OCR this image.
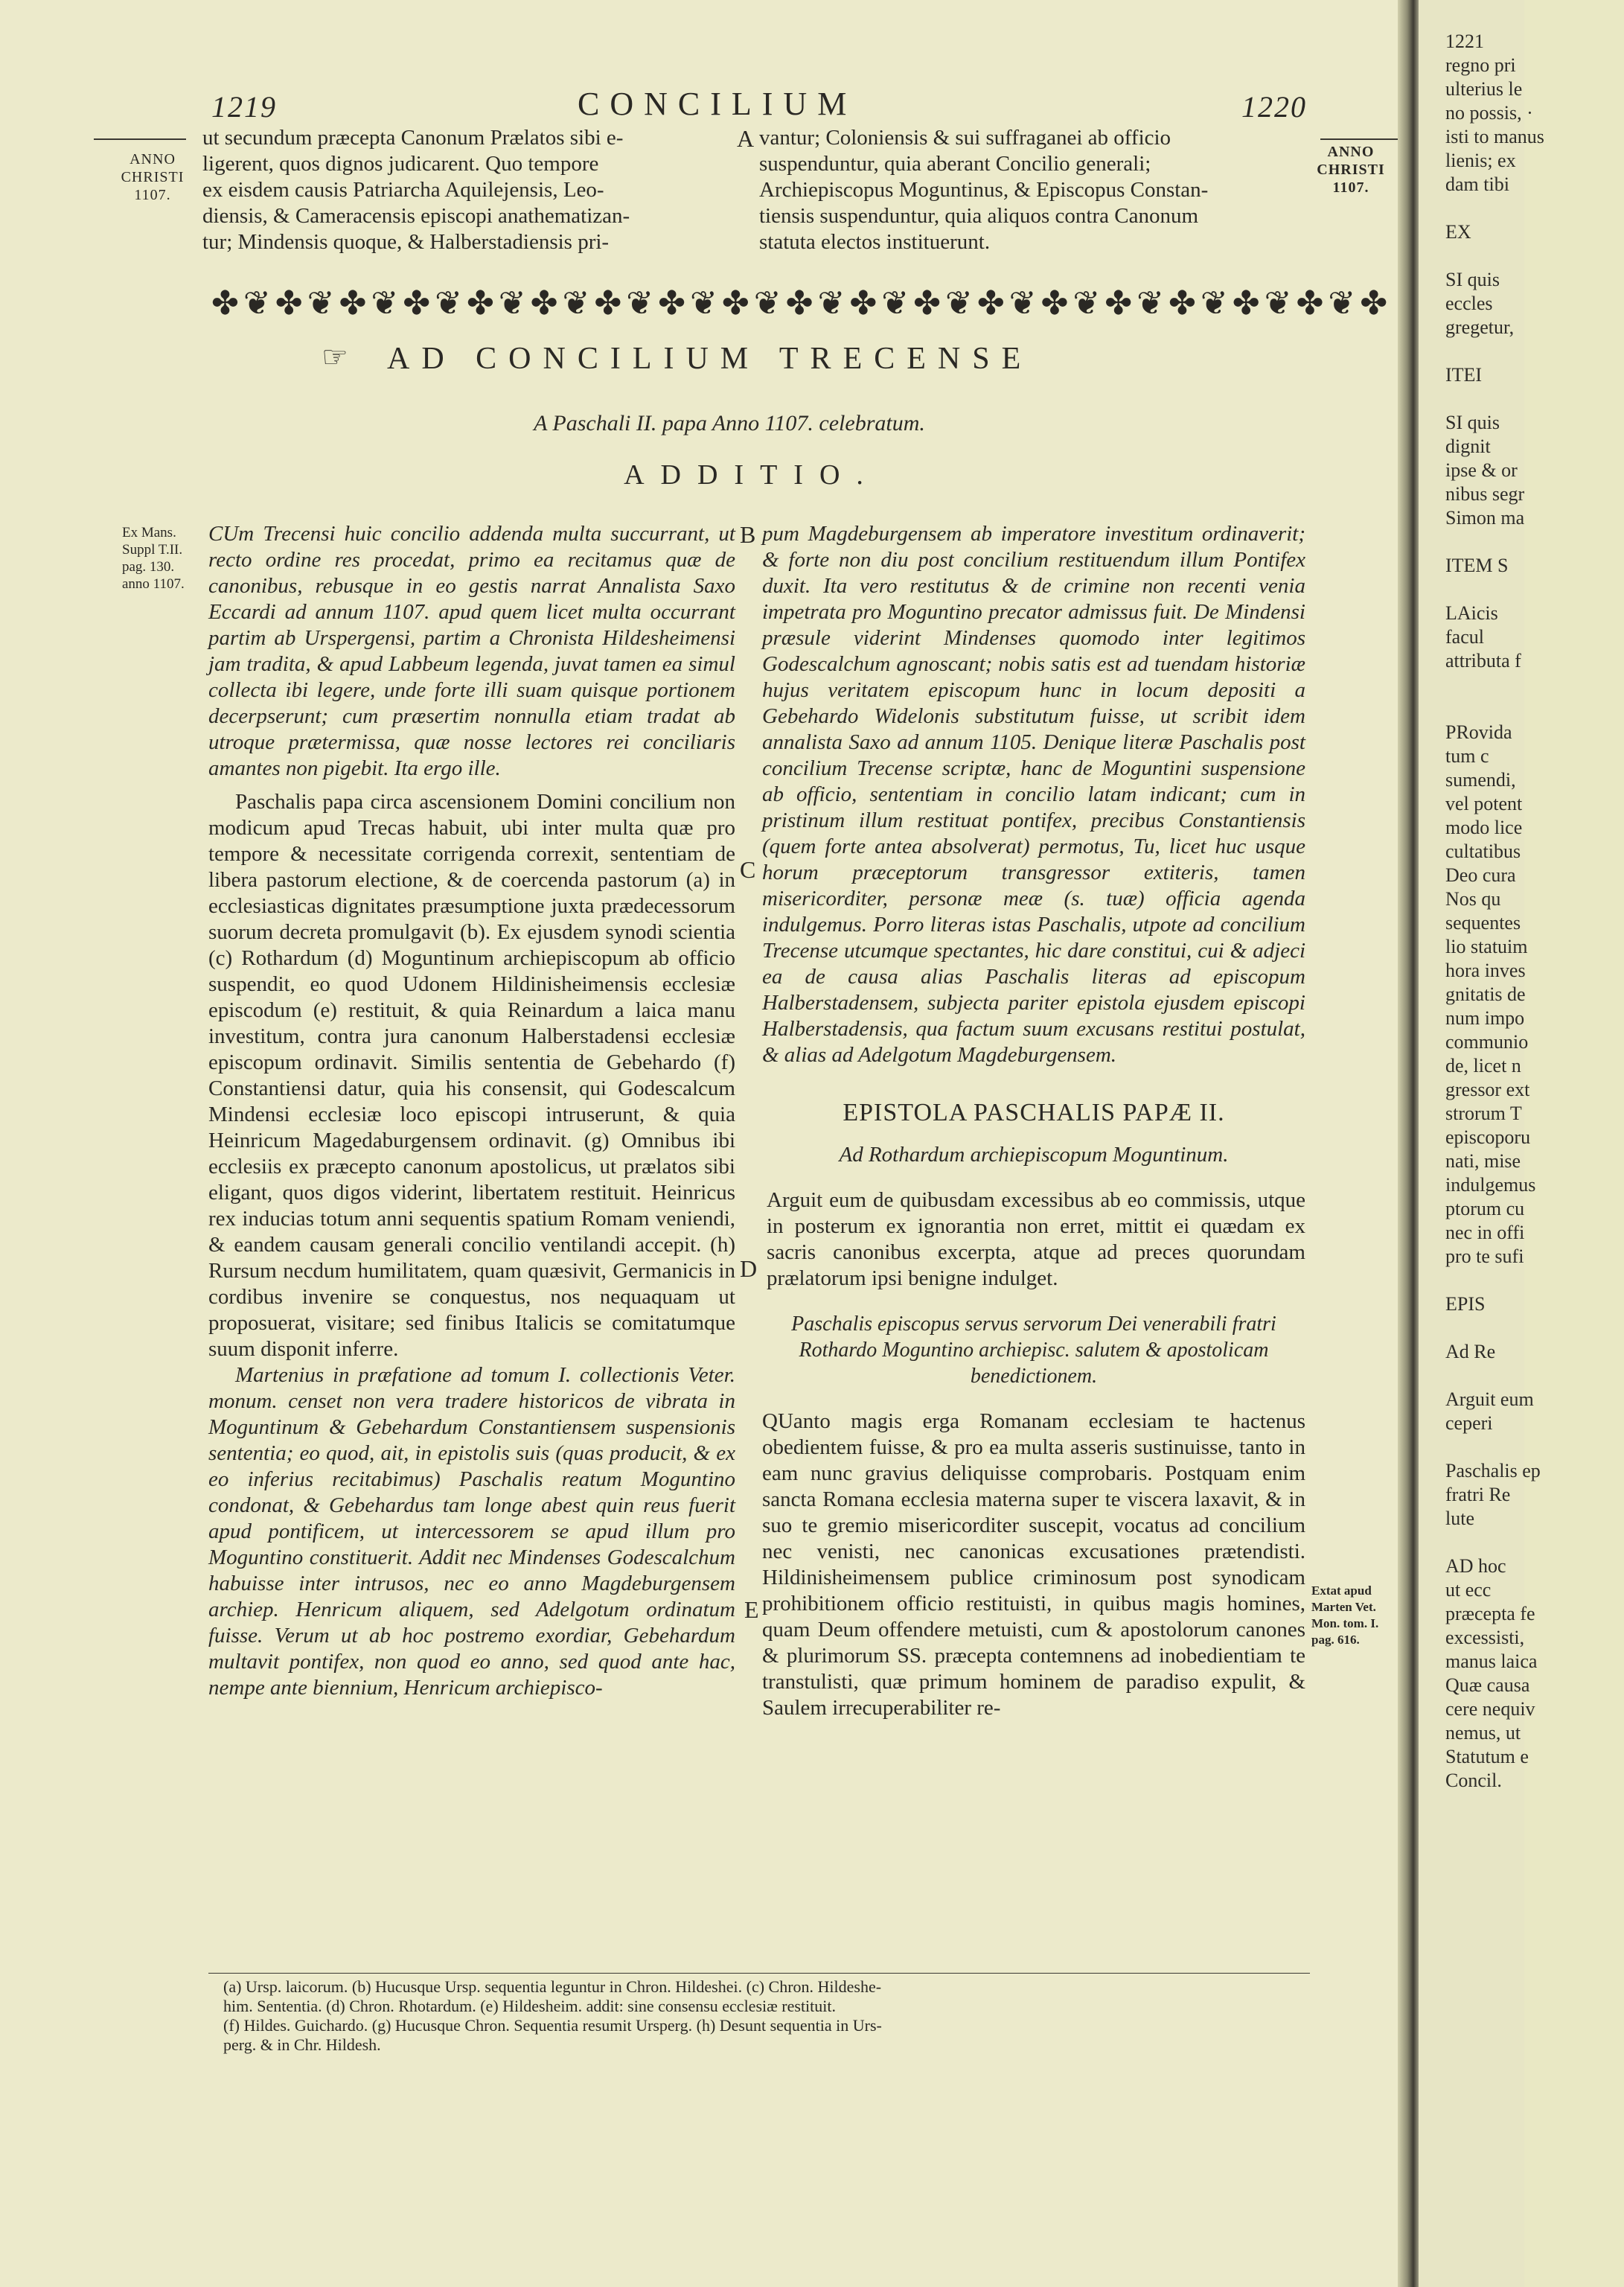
1219	CONCILIUM	1220
ANNO
CHRISTI
1107.
ANNO
CHRISTI
1107.
ut secundum præcepta Canonum Prælatos sibi e-
ligerent, quos dignos judicarent. Quo tempore
ex eisdem causis Patriarcha Aquilejensis, Leo-
diensis, & Cameracensis episcopi anathematizan-
tur; Mindensis quoque, & Halberstadiensis pri-
A vantur; Coloniensis & sui suffraganei ab officio
suspenduntur, quia aberant Concilio generali;
Archiepiscopus Moguntinus, & Episcopus Constan-
tiensis suspenduntur, quia aliquos contra Canonum
statuta electos instituerunt.
✤❦✤❦✤❦✤❦✤❦✤❦✤❦✤❦✤❦✤❦✤❦✤❦✤❦✤❦✤❦✤❦✤❦✤❦✤
☞ AD CONCILIUM TRECENSE
A Paschali II. papa Anno 1107. celebratum.
ADDITIO.
Ex Mans.
Suppl T.II.
pag. 130.
anno 1107.

CUm Trecensi huic concilio addenda multa succurrant, ut recto ordine res procedat, primo ea recitamus quæ de canonibus, rebusque in eo gestis narrat Annalista Saxo Eccardi ad annum 1107. apud quem licet multa occurrant partim ab Urspergensi, partim a Chronista Hildesheimensi jam tradita, & apud Labbeum legenda, juvat tamen ea simul collecta ibi legere, unde forte illi suam quisque portionem decerpserunt; cum præsertim nonnulla etiam tradat ab utroque prætermissa, quæ nosse lectores rei conciliaris amantes non pigebit. Ita ergo ille.

Paschalis papa circa ascensionem Domini concilium non modicum apud Trecas habuit, ubi inter multa quæ pro tempore & necessitate corrigenda correxit, sententiam de libera pastorum electione, & de coercenda pastorum (a) in ecclesiasticas dignitates præsumptione juxta prædecessorum suorum decreta promulgavit (b). Ex ejusdem synodi scientia (c) Rothardum (d) Moguntinum archiepiscopum ab officio suspendit, eo quod Udonem Hildinisheimensis ecclesiæ episcodum (e) restituit, & quia Reinardum a laica manu investitum, contra jura canonum Halberstadensi ecclesiæ episcopum ordinavit. Similis sententia de Gebehardo (f) Constantiensi datur, quia his consensit, qui Godescalcum Mindensi ecclesiæ loco episcopi intruserunt, & quia Heinricum Magedaburgensem ordinavit. (g) Omnibus ibi ecclesiis ex præcepto canonum apostolicus, ut prælatos sibi eligant, quos digos viderint, libertatem restituit. Heinricus rex inducias totum anni sequentis spatium Romam veniendi, & eandem causam generali concilio ventilandi accepit. (h) Rursum necdum humilitatem, quam quæsivit, Germanicis in cordibus invenire se conquestus, nos nequaquam ut proposuerat, visitare; sed finibus Italicis se comitatumque suum disponit inferre.

Martenius in præfatione ad tomum I. collectionis Veter. monum. censet non vera tradere historicos de vibrata in Moguntinum & Gebehardum Constantiensem suspensionis sententia; eo quod, ait, in epistolis suis (quas producit, & ex eo inferius recitabimus) Paschalis reatum Moguntino condonat, & Gebehardus tam longe abest quin reus fuerit apud pontificem, ut intercessorem se apud illum pro Moguntino constituerit. Addit nec Mindenses Godescalchum habuisse inter intrusos, nec eo anno Magdeburgensem archiep. Henricum aliquem, sed Adelgotum ordinatum fuisse. Verum ut ab hoc postremo exordiar, Gebehardum multavit pontifex, non quod eo anno, sed quod ante hac, nempe ante biennium, Henricum archiepisco-

B
C
D
E

pum Magdeburgensem ab imperatore investitum ordinaverit; & forte non diu post concilium restituendum illum Pontifex duxit. Ita vero restitutus & de crimine non recenti venia impetrata pro Moguntino precator admissus fuit. De Mindensi præsule viderint Mindenses quomodo inter legitimos Godescalchum agnoscant; nobis satis est ad tuendam historiæ hujus veritatem episcopum hunc in locum depositi a Gebehardo Widelonis substitutum fuisse, ut scribit idem annalista Saxo ad annum 1105. Denique literæ Paschalis post concilium Trecense scriptæ, hanc de Moguntini suspensione ab officio, sententiam in concilio latam indicant; cum in pristinum illum restituat pontifex, precibus Constantiensis (quem forte antea absolverat) permotus, Tu, licet huc usque horum præceptorum transgressor extiteris, tamen misericorditer, personæ meæ (s. tuæ) officia agenda indulgemus. Porro literas istas Paschalis, utpote ad concilium Trecense utcumque spectantes, hic dare constitui, cui & adjeci ea de causa alias Paschalis literas ad episcopum Halberstadensem, subjecta pariter epistola ejusdem episcopi Halberstadensis, qua factum suum excusans restitui postulat, & alias ad Adelgotum Magdeburgensem.

EPISTOLA PASCHALIS PAPÆ II.
Ad Rothardum archiepiscopum Moguntinum.

Arguit eum de quibusdam excessibus ab eo commissis, utque in posterum ex ignorantia non erret, mittit ei quædam ex sacris canonibus excerpta, atque ad preces quorundam prælatorum ipsi benigne indulget.

Paschalis episcopus servus servorum Dei venerabili fratri Rothardo Moguntino archiepisc. salutem & apostolicam benedictionem.

QUanto magis erga Romanam ecclesiam te hactenus obedientem fuisse, & pro ea multa asseris sustinuisse, tanto in eam nunc gravius deliquisse comprobaris. Postquam enim sancta Romana ecclesia materna super te viscera laxavit, & in suo te gremio misericorditer suscepit, vocatus ad concilium nec venisti, nec canonicas excusationes prætendisti. Hildinisheimensem publice criminosum post synodicam prohibitionem officio restituisti, in quibus magis homines, quam Deum offendere metuisti, cum & apostolorum canones & plurimorum SS. præcepta contemnens ad inobedientiam te transtulisti, quæ primum hominem de paradiso expulit, & Saulem irrecuperabiliter re-

Extat apud
Marten Vet.
Mon. tom. I.
pag. 616.
(a) Ursp. laicorum. (b) Hucusque Ursp. sequentia leguntur in Chron. Hildeshei. (c) Chron. Hildeshe-
him. Sententia. (d) Chron. Rhotardum. (e) Hildesheim. addit: sine consensu ecclesiæ restituit.
(f) Hildes. Guichardo. (g) Hucusque Chron. Sequentia resumit Ursperg. (h) Desunt sequentia in Urs-
perg. & in Chr. Hildesh.
1221
regno pri
ulterius le
no possis, ·
isti to manus
lienis; ex
dam tibi

EX

SI quis
eccles
gregetur,

ITEI

SI quis
dignit
ipse & or
nibus segr
Simon ma

ITEM S

LAicis
facul
attributa f

PRovida
tum c
sumendi,
vel potent
modo lice
cultatibus
Deo cura
Nos qu
sequentes
lio statuim
hora inves
gnitatis de
num impo
communio
de, licet n
gressor ext
strorum T
episcoporu
nati, mise
indulgemus
ptorum cu
nec in offi
pro te sufi

EPIS

Ad Re

Arguit eum
ceperi

Paschalis ep
fratri Re
lute

AD hoc
ut ecc
præcepta fe
excessisti,
manus laica
Quæ causa
cere nequiv
nemus, ut
Statutum e
Concil.
